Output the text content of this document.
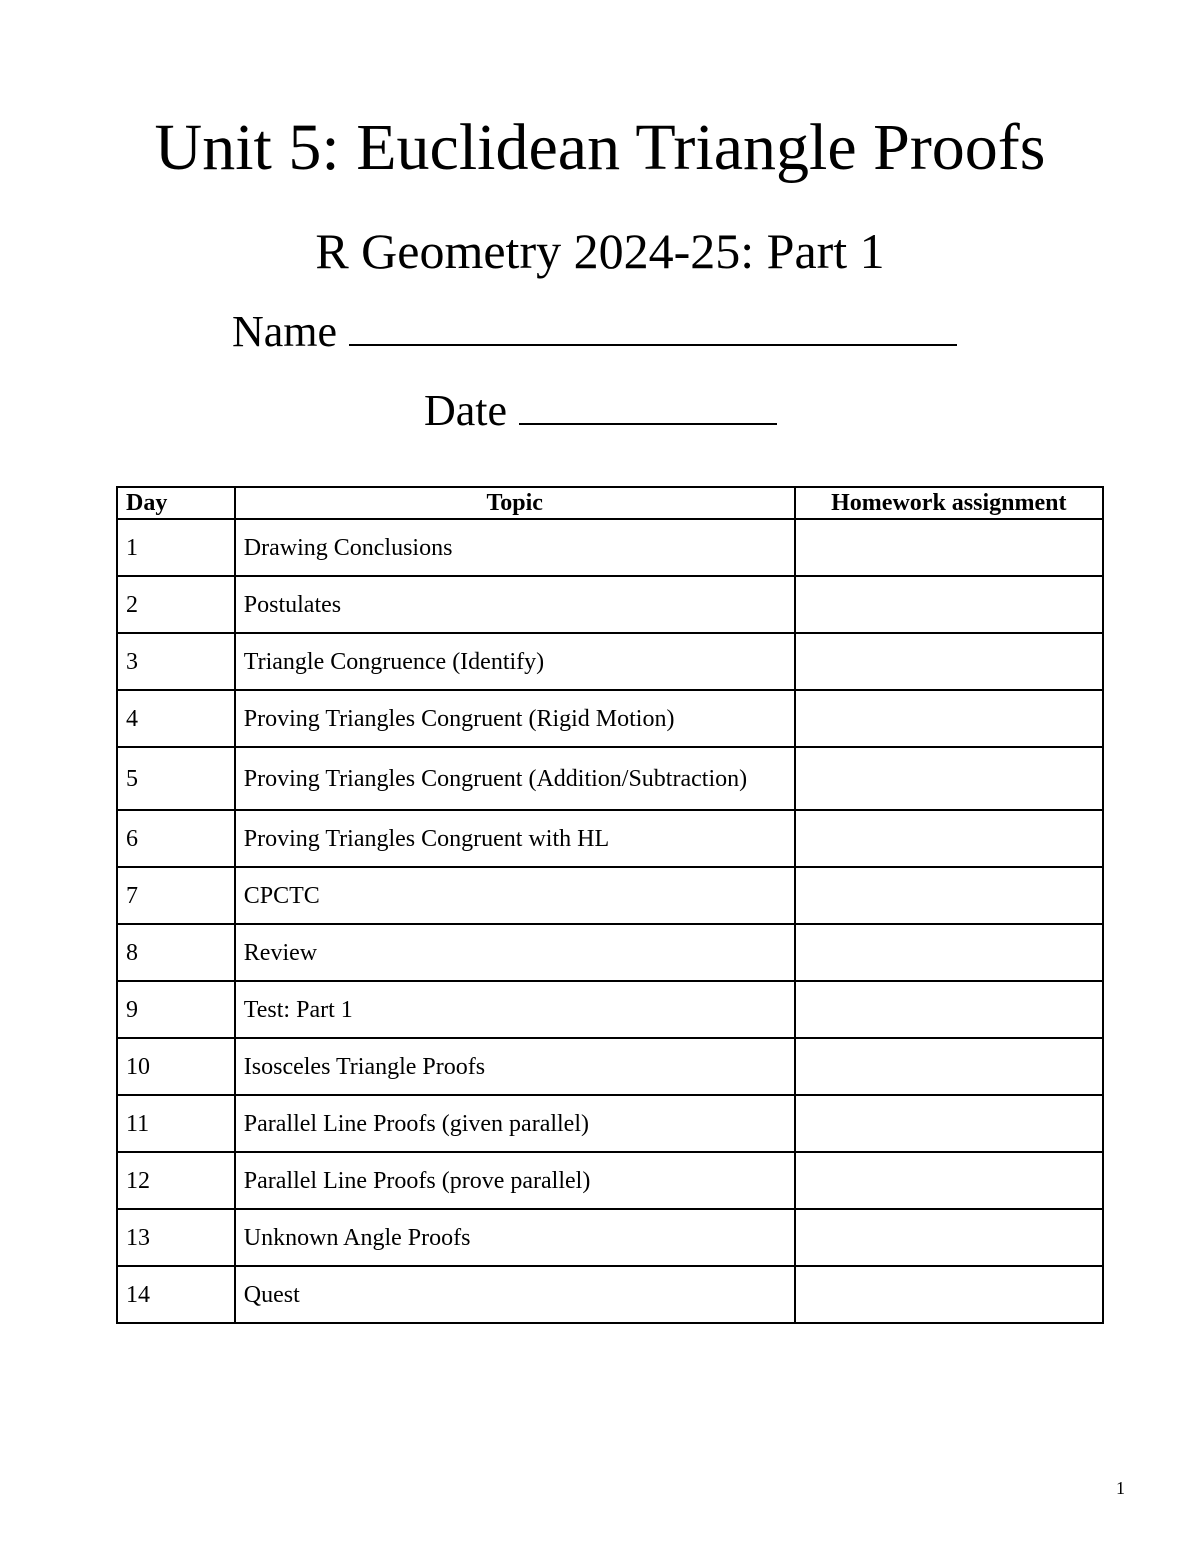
Unit 5: Euclidean Triangle Proofs
R Geometry 2024-25: Part 1
Name
Date
Day	Topic	Homework assignment
1	Drawing Conclusions	
2	Postulates	
3	Triangle Congruence (Identify)	
4	Proving Triangles Congruent (Rigid Motion)	
5	Proving Triangles Congruent (Addition/Subtraction)	
6	Proving Triangles Congruent with HL	
7	CPCTC	
8	Review	
9	Test: Part 1	
10	Isosceles Triangle Proofs	
11	Parallel Line Proofs (given parallel)	
12	Parallel Line Proofs (prove parallel)	
13	Unknown Angle Proofs	
14	Quest	
1
